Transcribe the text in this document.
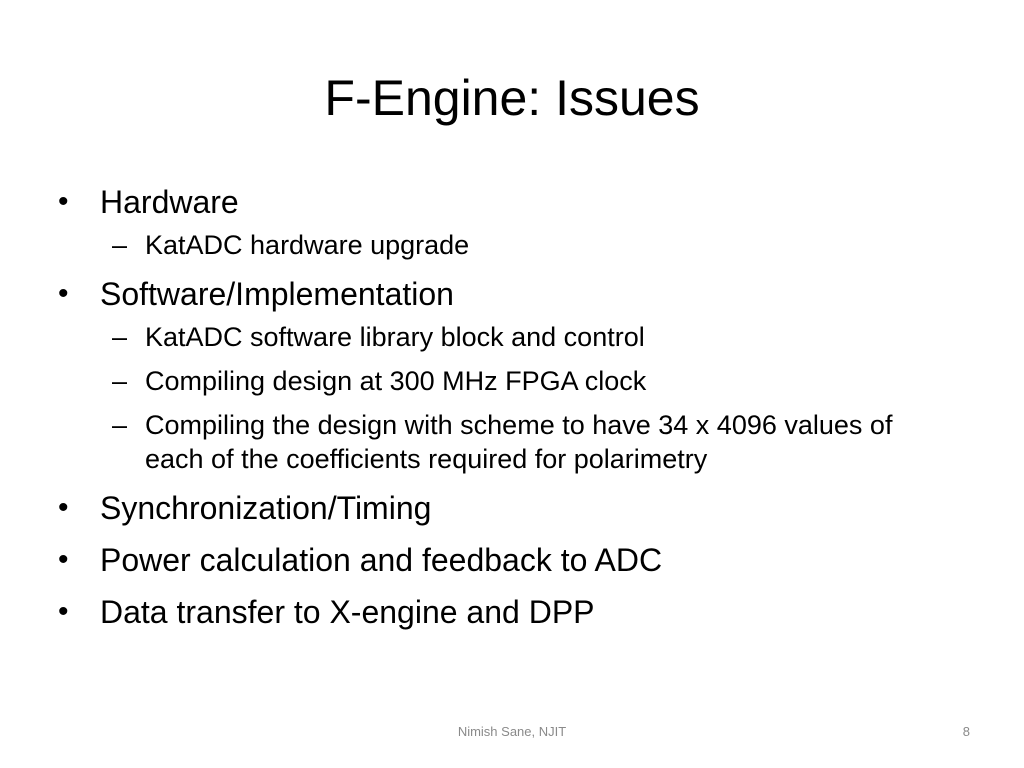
F-Engine: Issues
• Hardware
– KatADC hardware upgrade
• Software/Implementation
– KatADC software library block and control
– Compiling design at 300 MHz FPGA clock
– Compiling the design with scheme to have 34 x 4096 values of each of the coefficients required for polarimetry
• Synchronization/Timing
• Power calculation and feedback to ADC
• Data transfer to X-engine and DPP
Nimish Sane, NJIT	8
